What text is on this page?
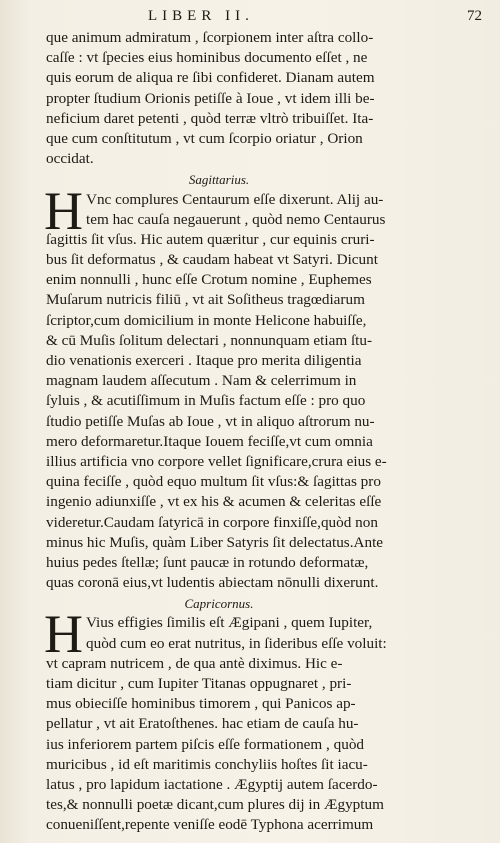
LIBER II.	72
que animum admiratum , ſcorpionem inter aſtra collo-
caſſe : vt ſpecies eius hominibus documento eſſet , ne
quis eorum de aliqua re ſibi confideret. Dianam autem
propter ſtudium Orionis petiſſe à Ioue , vt idem illi be-
neficium daret petenti , quòd terræ vltrò tribuiſſet. Ita-
que cum conſtitutum , vt cum ſcorpio oriatur , Orion
occidat.
Sagittarius.
H Vnc complures Centaurum eſſe dixerunt. Alij au-
tem hac cauſa negauerunt , quòd nemo Centaurus
ſagittis ſit vſus. Hic autem quæritur , cur equinis cruri-
bus ſit deformatus , & caudam habeat vt Satyri. Dicunt
enim nonnulli , hunc eſſe Crotum nomine , Euphemes
Muſarum nutricis filiū , vt ait Soſitheus tragœdiarum
ſcriptor,cum domicilium in monte Helicone habuiſſe,
& cū Muſis ſolitum delectari , nonnunquam etiam ſtu-
dio venationis exerceri . Itaque pro merita diligentia
magnam laudem aſſecutum . Nam & celerrimum in
ſyluis , & acutiſſimum in Muſis factum eſſe : pro quo
ſtudio petiſſe Muſas ab Ioue , vt in aliquo aſtrorum nu-
mero deformaretur.Itaque Iouem feciſſe,vt cum omnia
illius artificia vno corpore vellet ſignificare,crura eius e-
quina feciſſe , quòd equo multum ſit vſus:& ſagittas pro
ingenio adiunxiſſe , vt ex his & acumen & celeritas eſſe
videretur.Caudam ſatyricā in corpore finxiſſe,quòd non
minus hic Muſis, quàm Liber Satyris ſit delectatus.Ante
huius pedes ſtellæ; ſunt paucæ in rotundo deformatæ,
quas coronā eius,vt ludentis abiectam nōnulli dixerunt.
Capricornus.
H Vius effigies ſimilis eſt Ægipani , quem Iupiter,
quòd cum eo erat nutritus, in ſideribus eſſe voluit:
vt capram nutricem , de qua antè diximus. Hic e-
tiam dicitur , cum Iupiter Titanas oppugnaret , pri-
mus obieciſſe hominibus timorem , qui Panicos ap-
pellatur , vt ait Eratoſthenes. hac etiam de cauſa hu-
ius inferiorem partem piſcis eſſe formationem , quòd
muricibus , id eſt maritimis conchyliis hoſtes ſit iacu-
latus , pro lapidum iactatione . Ægyptij autem ſacerdo-
tes,& nonnulli poetæ dicant,cum plures dij in Ægyptum
conueniſſent,repente veniſſe eodē Typhona acerrimum
